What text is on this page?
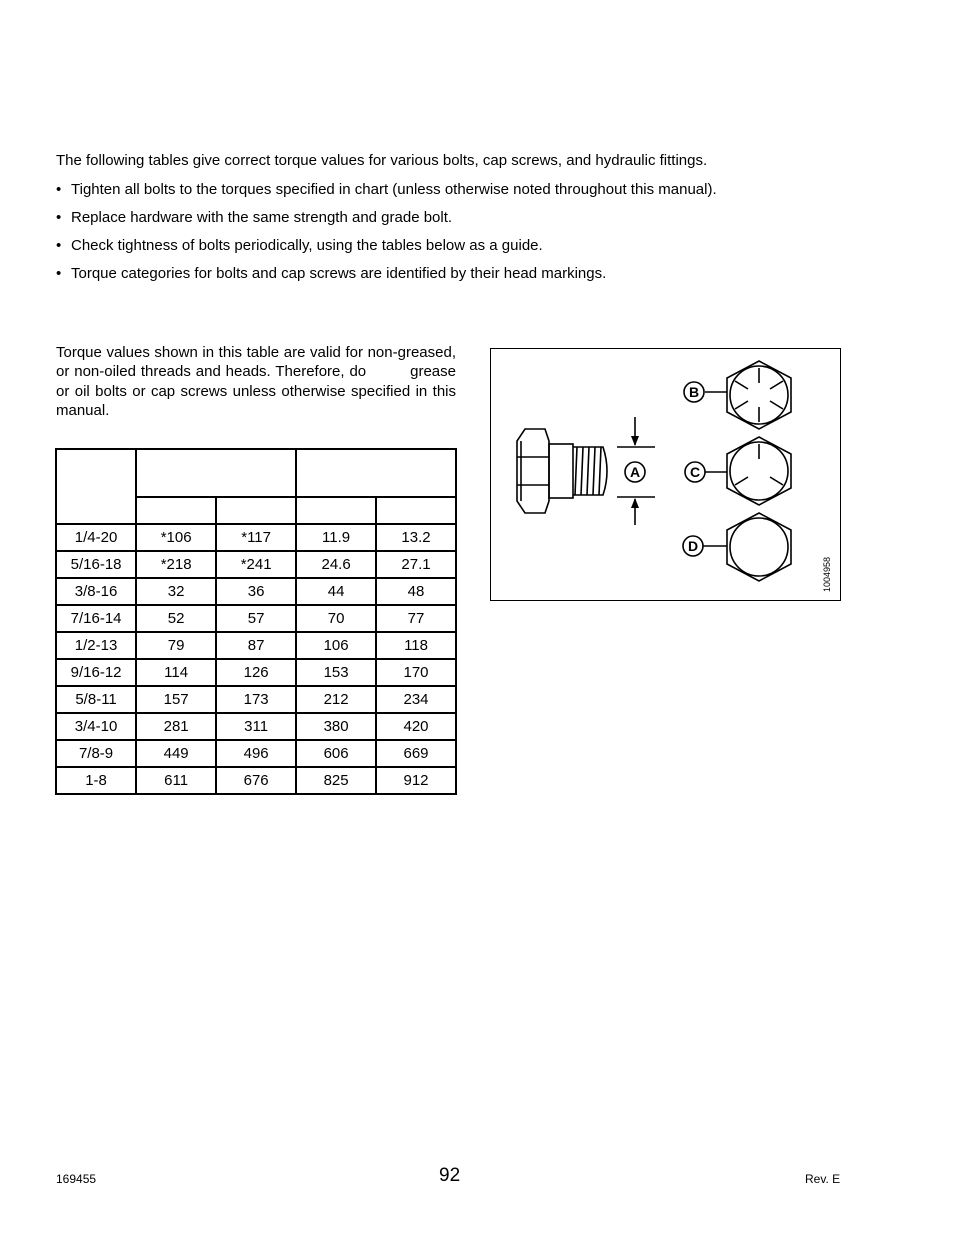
The following tables give correct torque values for various bolts, cap screws, and hydraulic fittings.

• Tighten all bolts to the torques specified in chart (unless otherwise noted throughout this manual).
• Replace hardware with the same strength and grade bolt.
• Check tightness of bolts periodically, using the tables below as a guide.
• Torque categories for bolts and cap screws are identified by their head markings.

Torque values shown in this table are valid for non-greased, or non-oiled threads and heads. Therefore, do	grease or oil bolts or cap screws unless otherwise specified in this manual.

1/4-20	*106	*117	11.9	13.2
5/16-18	*218	*241	24.6	27.1
3/8-16	32	36	44	48
7/16-14	52	57	70	77
1/2-13	79	87	106	118
9/16-12	114	126	153	170
5/8-11	157	173	212	234
3/4-10	281	311	380	420
7/8-9	449	496	606	669
1-8	611	676	825	912
A
B
C
D
1004958
169455	92	Rev. E
